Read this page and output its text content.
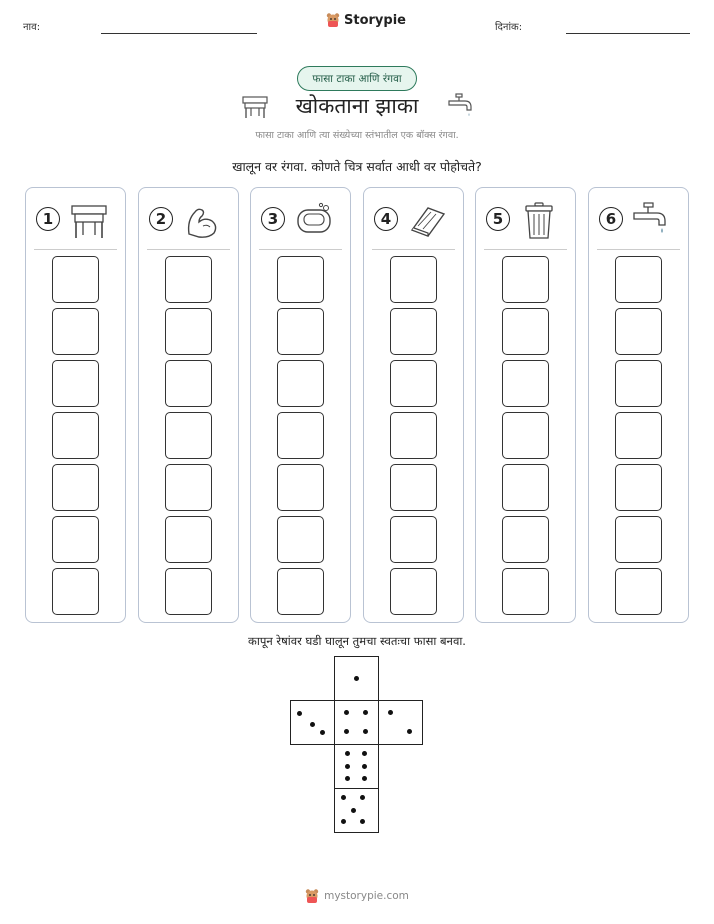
नाव:	Storypie	दिनांक:
फासा टाका आणि रंगवा
खोकताना झाका
फासा टाका आणि त्या संख्येच्या स्तंभातील एक बॉक्स रंगवा.
खालून वर रंगवा. कोणते चित्र सर्वात आधी वर पोहोचते?
1	2	3	4	5	6
कापून रेषांवर घडी घालून तुमचा स्वतःचा फासा बनवा.
mystorypie.com
